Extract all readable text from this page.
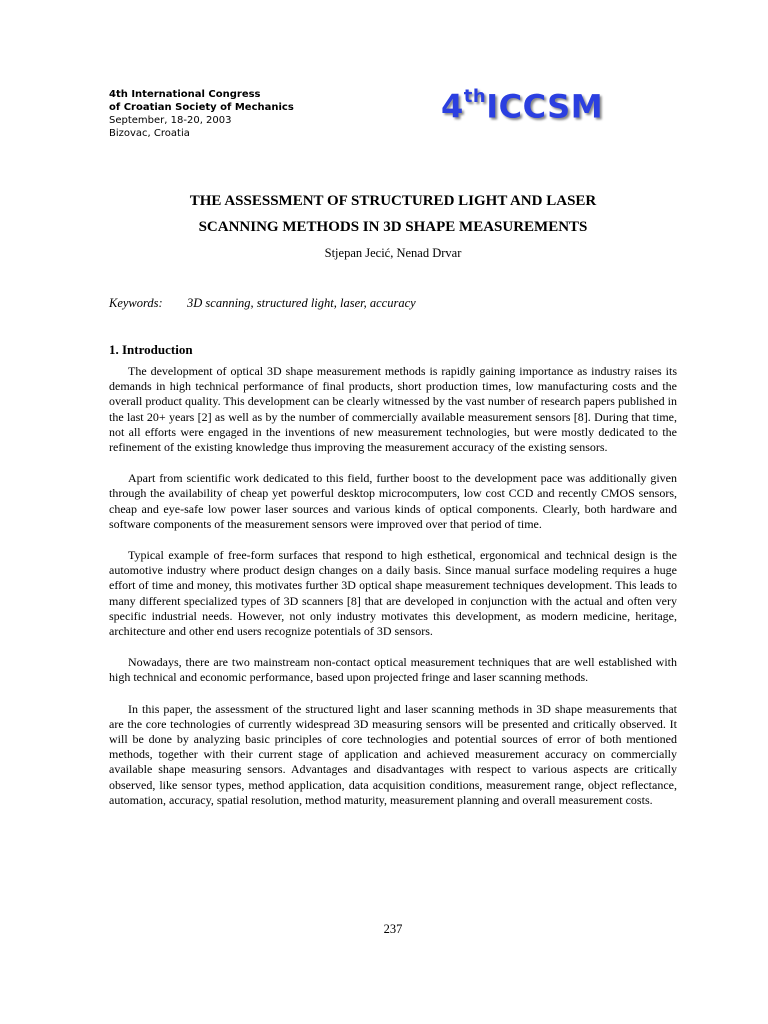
4th International Congress
of Croatian Society of Mechanics
September, 18-20, 2003
Bizovac, Croatia
4thICCSM
THE ASSESSMENT OF STRUCTURED LIGHT AND LASER
SCANNING METHODS IN 3D SHAPE MEASUREMENTS
Stjepan Jecić, Nenad Drvar
Keywords: 3D scanning, structured light, laser, accuracy
1. Introduction

The development of optical 3D shape measurement methods is rapidly gaining importance as industry raises its demands in high technical performance of final products, short production times, low manufacturing costs and the overall product quality. This development can be clearly witnessed by the vast number of research papers published in the last 20+ years [2] as well as by the number of commercially available measurement sensors [8]. During that time, not all efforts were engaged in the inventions of new measurement technologies, but were mostly dedicated to the refinement of the existing knowledge thus improving the measurement accuracy of the existing sensors.

Apart from scientific work dedicated to this field, further boost to the development pace was additionally given through the availability of cheap yet powerful desktop microcomputers, low cost CCD and recently CMOS sensors, cheap and eye-safe low power laser sources and various kinds of optical components. Clearly, both hardware and software components of the measurement sensors were improved over that period of time.

Typical example of free-form surfaces that respond to high esthetical, ergonomical and technical design is the automotive industry where product design changes on a daily basis. Since manual surface modeling requires a huge effort of time and money, this motivates further 3D optical shape measurement techniques development. This leads to many different specialized types of 3D scanners [8] that are developed in conjunction with the actual and often very specific industrial needs. However, not only industry motivates this development, as modern medicine, heritage, architecture and other end users recognize potentials of 3D sensors.

Nowadays, there are two mainstream non-contact optical measurement techniques that are well established with high technical and economic performance, based upon projected fringe and laser scanning methods.

In this paper, the assessment of the structured light and laser scanning methods in 3D shape measurements that are the core technologies of currently widespread 3D measuring sensors will be presented and critically observed. It will be done by analyzing basic principles of core technologies and potential sources of error of both mentioned methods, together with their current stage of application and achieved measurement accuracy on commercially available shape measuring sensors. Advantages and disadvantages with respect to various aspects are critically observed, like sensor types, method application, data acquisition conditions, measurement range, object reflectance, automation, accuracy, spatial resolution, method maturity, measurement planning and overall measurement costs.

237
